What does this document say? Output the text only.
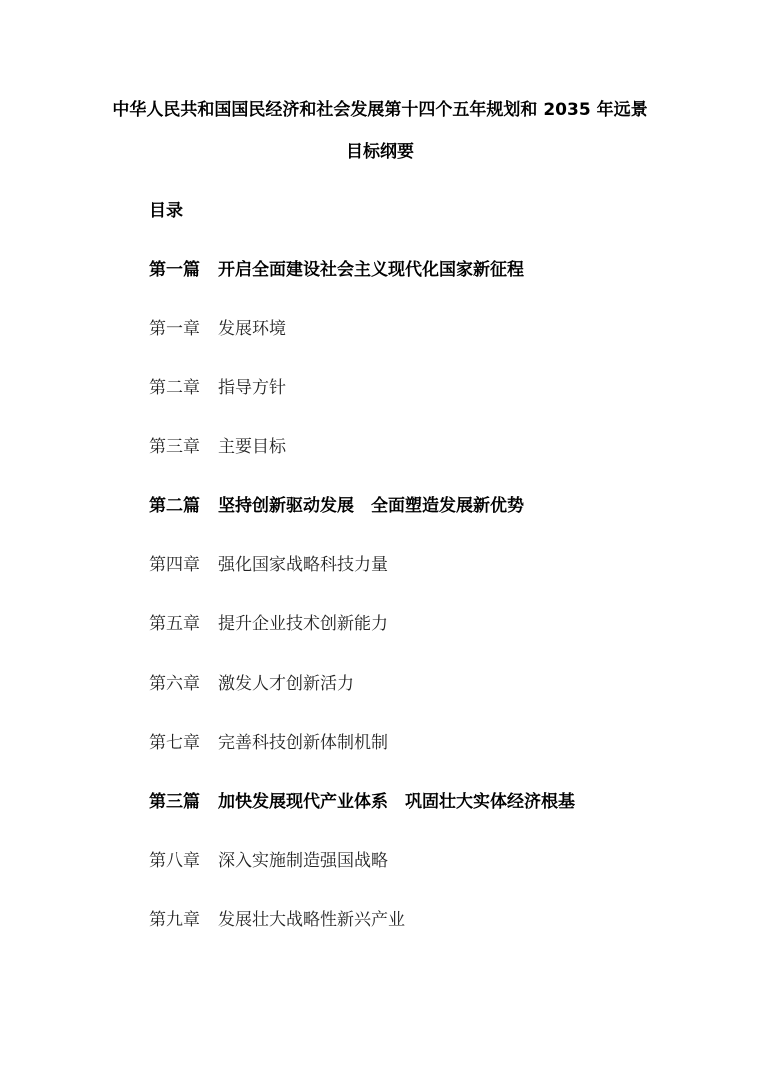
中华人民共和国国民经济和社会发展第十四个五年规划和 2035 年远景
目标纲要
目录
第一篇 开启全面建设社会主义现代化国家新征程
第一章 发展环境
第二章 指导方针
第三章 主要目标
第二篇 坚持创新驱动发展 全面塑造发展新优势
第四章 强化国家战略科技力量
第五章 提升企业技术创新能力
第六章 激发人才创新活力
第七章 完善科技创新体制机制
第三篇 加快发展现代产业体系 巩固壮大实体经济根基
第八章 深入实施制造强国战略
第九章 发展壮大战略性新兴产业
